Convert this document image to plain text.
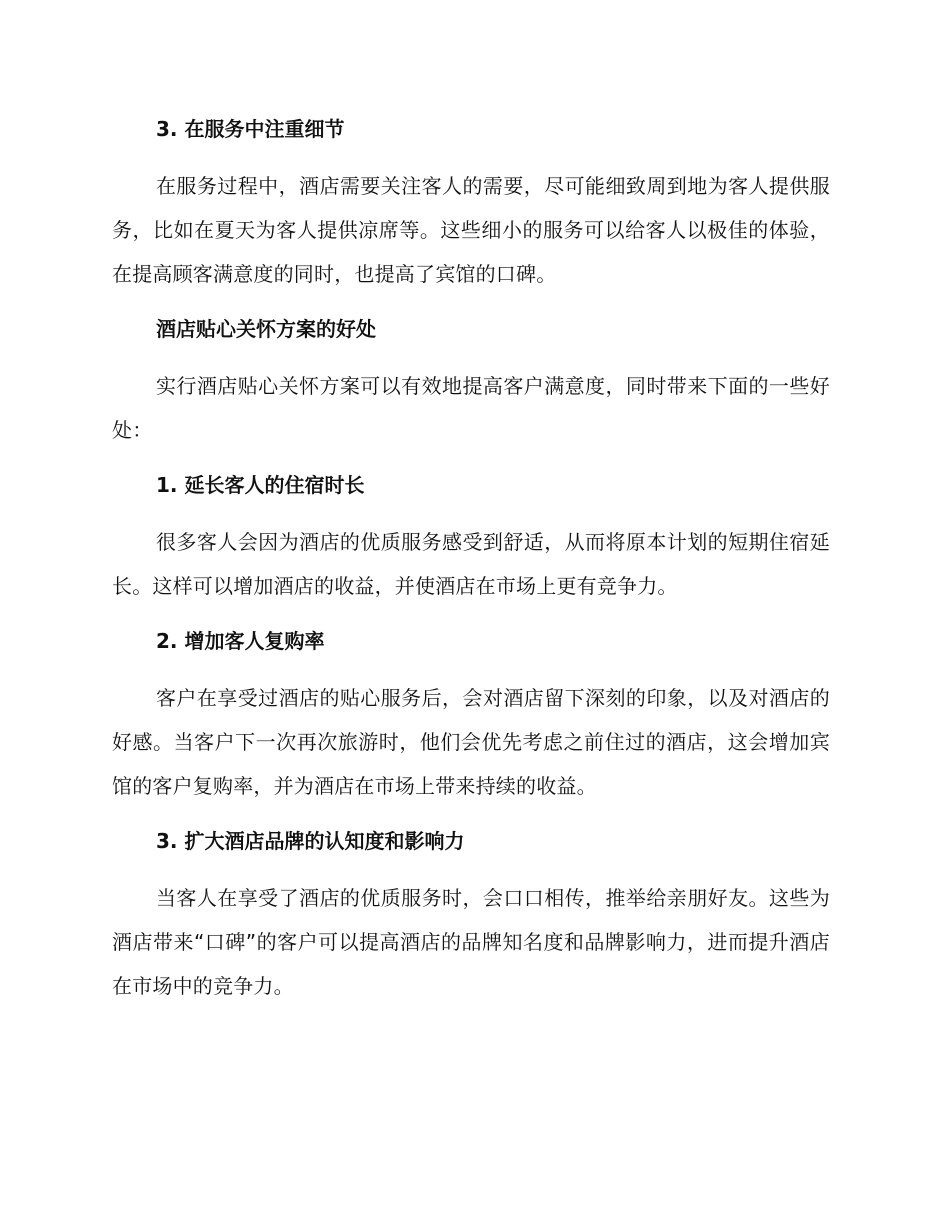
3. 在服务中注重细节

在服务过程中，酒店需要关注客人的需要，尽可能细致周到地为客人提供服务，比如在夏天为客人提供凉席等。这些细小的服务可以给客人以极佳的体验，在提高顾客满意度的同时，也提高了宾馆的口碑。

酒店贴心关怀方案的好处

实行酒店贴心关怀方案可以有效地提高客户满意度，同时带来下面的一些好处：

1. 延长客人的住宿时长

很多客人会因为酒店的优质服务感受到舒适，从而将原本计划的短期住宿延长。这样可以增加酒店的收益，并使酒店在市场上更有竞争力。

2. 增加客人复购率

客户在享受过酒店的贴心服务后，会对酒店留下深刻的印象，以及对酒店的好感。当客户下一次再次旅游时，他们会优先考虑之前住过的酒店，这会增加宾馆的客户复购率，并为酒店在市场上带来持续的收益。

3. 扩大酒店品牌的认知度和影响力

当客人在享受了酒店的优质服务时，会口口相传，推举给亲朋好友。这些为酒店带来“口碑”的客户可以提高酒店的品牌知名度和品牌影响力，进而提升酒店在市场中的竞争力。
